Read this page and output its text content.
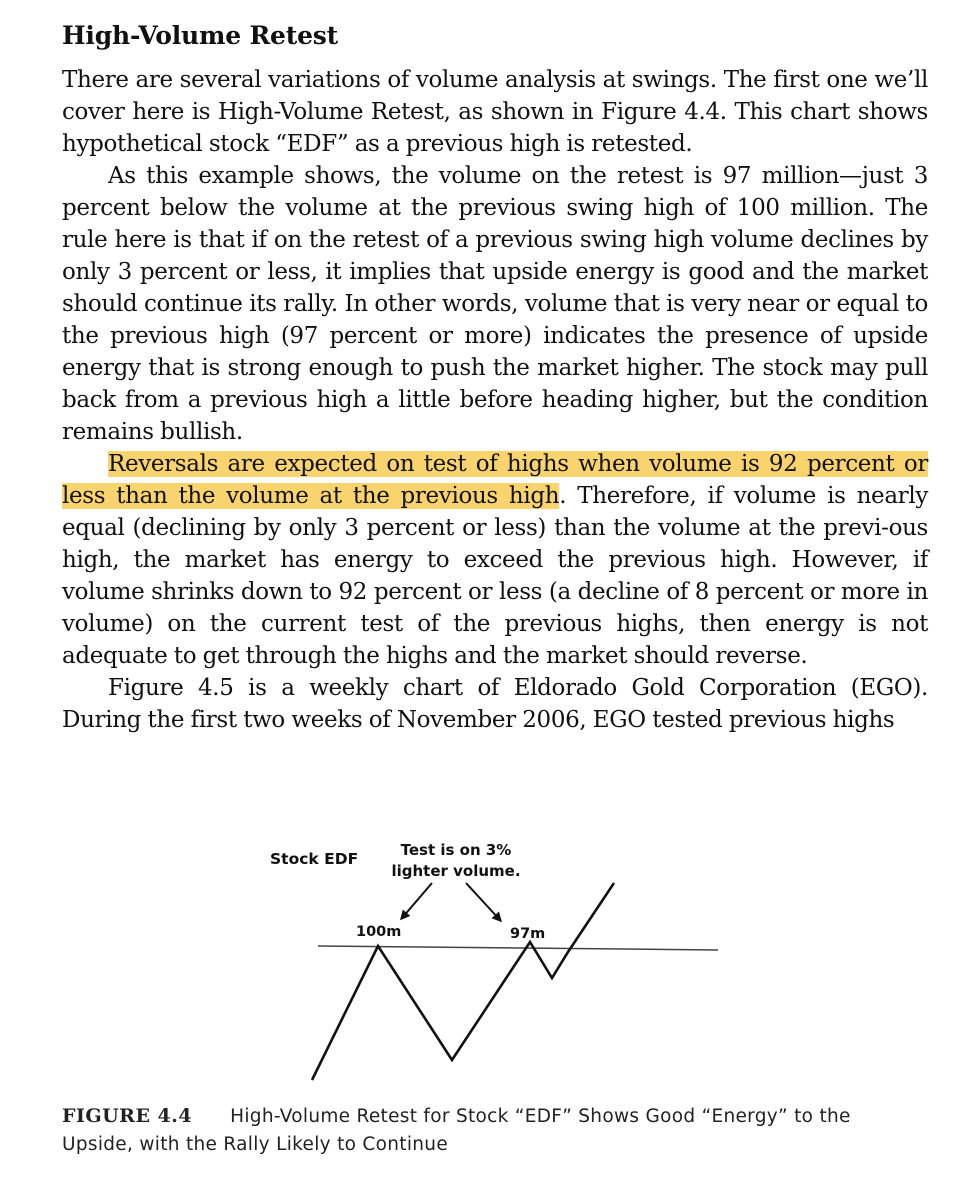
High-Volume Retest

There are several variations of volume analysis at swings. The first one we’ll cover here is High-Volume Retest, as shown in Figure 4.4. This chart shows hypothetical stock “EDF” as a previous high is retested.

As this example shows, the volume on the retest is 97 million—just 3 percent below the volume at the previous swing high of 100 million. The rule here is that if on the retest of a previous swing high volume declines by only 3 percent or less, it implies that upside energy is good and the market should continue its rally. In other words, volume that is very near or equal to the previous high (97 percent or more) indicates the presence of upside energy that is strong enough to push the market higher. The stock may pull back from a previous high a little before heading higher, but the condition remains bullish.

Reversals are expected on test of highs when volume is 92 percent or less than the volume at the previous high. Therefore, if volume is nearly equal (declining by only 3 percent or less) than the volume at the previ-ous high, the market has energy to exceed the previous high. However, if volume shrinks down to 92 percent or less (a decline of 8 percent or more in volume) on the current test of the previous highs, then energy is not adequate to get through the highs and the market should reverse.

Figure 4.5 is a weekly chart of Eldorado Gold Corporation (EGO). During the first two weeks of November 2006, EGO tested previous highs

Stock EDF	Test is on 3%
lighter volume.
100m	97m
FIGURE 4.4 High-Volume Retest for Stock “EDF” Shows Good “Energy” to the Upside, with the Rally Likely to Continue
